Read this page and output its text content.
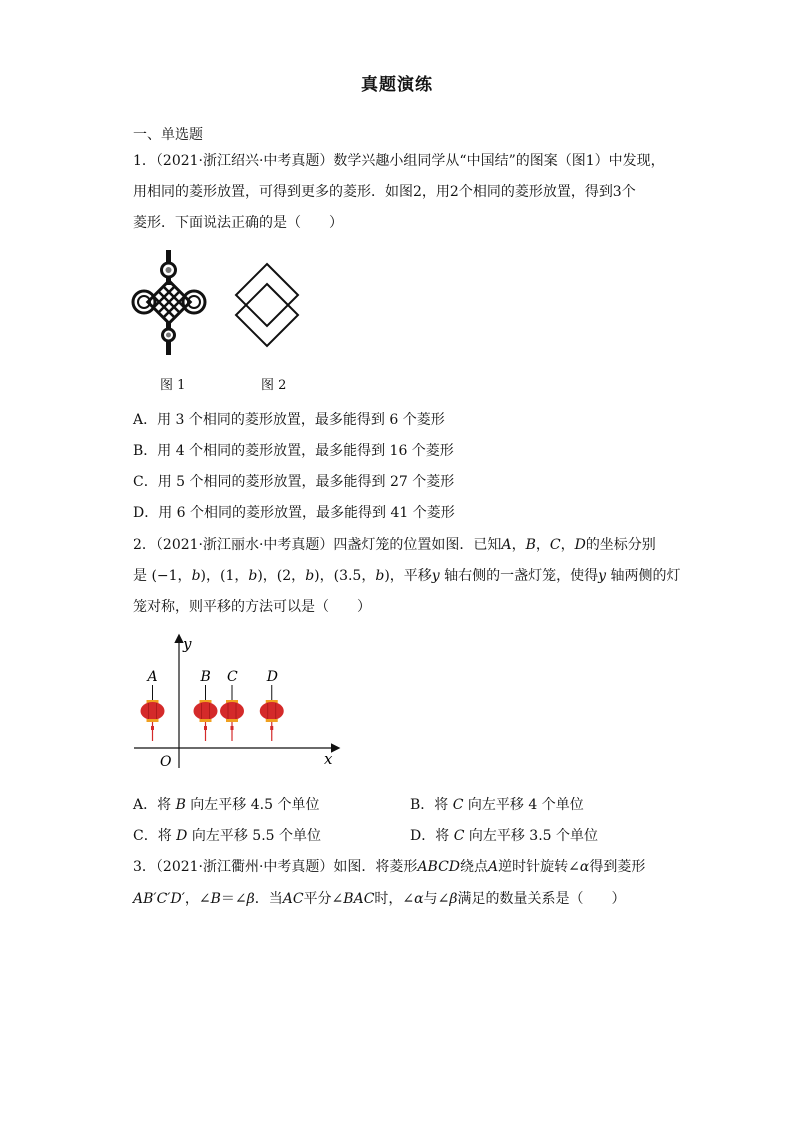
真题演练
一、单选题
1．（2021·浙江绍兴·中考真题）数学兴趣小组同学从“中国结”的图案（图1）中发现，
用相同的菱形放置，可得到更多的菱形．如图2，用2个相同的菱形放置，得到3个
菱形．下面说法正确的是（　　）
图 1	图 2
A．用 3 个相同的菱形放置，最多能得到 6 个菱形
B．用 4 个相同的菱形放置，最多能得到 16 个菱形
C．用 5 个相同的菱形放置，最多能得到 27 个菱形
D．用 6 个相同的菱形放置，最多能得到 41 个菱形
2．（2021·浙江丽水·中考真题）四盏灯笼的位置如图．已知A，B，C，D的坐标分别
是 (−1，b)，(1，b)，(2，b)，(3.5，b)，平移y 轴右侧的一盏灯笼，使得y 轴两侧的灯
笼对称，则平移的方法可以是（　　）
y
x
O
A	B C D
A．将 B 向左平移 4.5 个单位	B．将 C 向左平移 4 个单位
C．将 D 向左平移 5.5 个单位	D．将 C 向左平移 3.5 个单位
3．（2021·浙江衢州·中考真题）如图．将菱形ABCD绕点A逆时针旋转∠α得到菱形
AB′C′D′，∠B＝∠β．当AC平分∠BAC时，∠α与∠β满足的数量关系是（　　）
